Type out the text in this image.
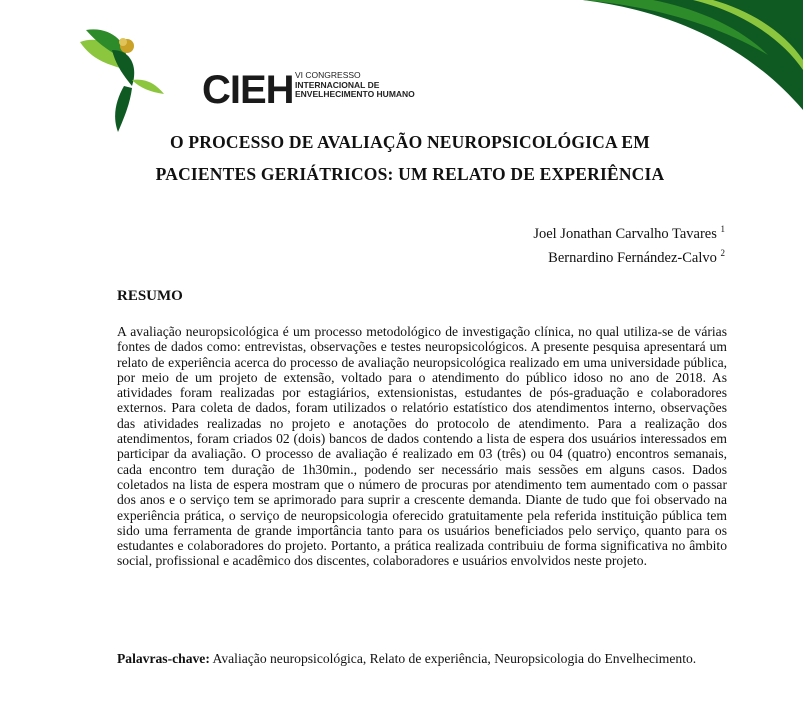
CIEH VI CONGRESSO
INTERNACIONAL DE
ENVELHECIMENTO HUMANO
O PROCESSO DE AVALIAÇÃO NEUROPSICOLÓGICA EM
PACIENTES GERIÁTRICOS: UM RELATO DE EXPERIÊNCIA
Joel Jonathan Carvalho Tavares $^1$
Bernardino Fernández-Calvo $^2$
RESUMO

A avaliação neuropsicológica é um processo metodológico de investigação clínica, no qual utiliza-se de várias fontes de dados como: entrevistas, observações e testes neuropsicológicos. A presente pesquisa apresentará um relato de experiência acerca do processo de avaliação neuropsicológica realizado em uma universidade pública, por meio de um projeto de extensão, voltado para o atendimento do público idoso no ano de 2018. As atividades foram realizadas por estagiários, extensionistas, estudantes de pós-graduação e colaboradores externos. Para coleta de dados, foram utilizados o relatório estatístico dos atendimentos interno, observações das atividades realizadas no projeto e anotações do protocolo de atendimento. Para a realização dos atendimentos, foram criados 02 (dois) bancos de dados contendo a lista de espera dos usuários interessados em participar da avaliação. O processo de avaliação é realizado em 03 (três) ou 04 (quatro) encontros semanais, cada encontro tem duração de 1h30min., podendo ser necessário mais sessões em alguns casos. Dados coletados na lista de espera mostram que o número de procuras por atendimento tem aumentado com o passar dos anos e o serviço tem se aprimorado para suprir a crescente demanda. Diante de tudo que foi observado na experiência prática, o serviço de neuropsicologia oferecido gratuitamente pela referida instituição pública tem sido uma ferramenta de grande importância tanto para os usuários beneficiados pelo serviço, quanto para os estudantes e colaboradores do projeto. Portanto, a prática realizada contribuiu de forma significativa no âmbito social, profissional e acadêmico dos discentes, colaboradores e usuários envolvidos neste projeto.

Palavras-chave: Avaliação neuropsicológica, Relato de experiência, Neuropsicologia do Envelhecimento.
